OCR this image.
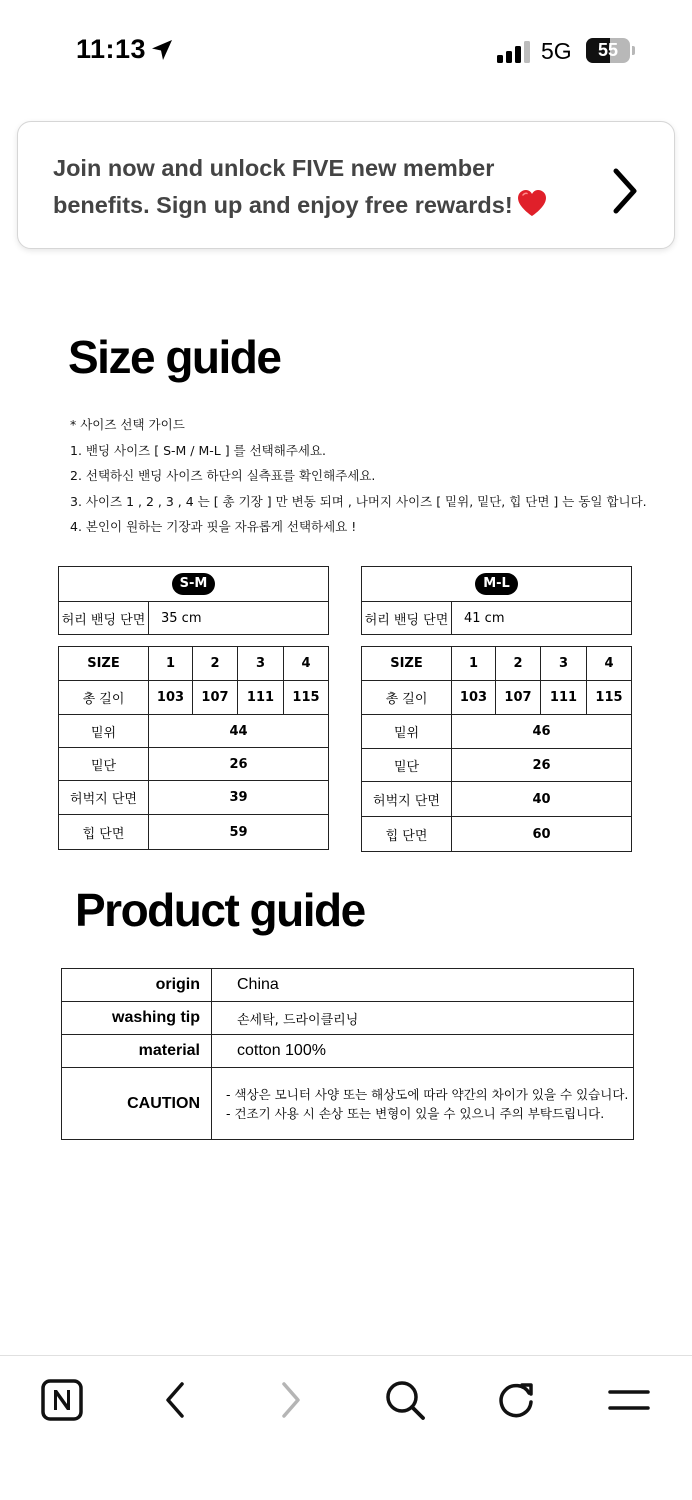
11:13	5G	55
Join now and unlock FIVE new member benefits. Sign up and enjoy free rewards!
Size guide
* 사이즈 선택 가이드
1. 밴딩 사이즈 [ S-M / M-L ] 를 선택해주세요.
2. 선택하신 밴딩 사이즈 하단의 실측표를 확인해주세요.
3. 사이즈 1 , 2 , 3 , 4 는 [ 총 기장 ] 만 변동 되며 , 나머지 사이즈 [ 밑위, 밑단, 힙 단면 ] 는 동일 합니다.
4. 본인이 원하는 기장과 핏을 자유롭게 선택하세요 !
S-M
허리 밴딩 단면	35 cm
M-L
허리 밴딩 단면	41 cm
SIZE	1	2	3	4
총 길이	103	107	111	115
밑위	44			
밑단	26			
허벅지 단면	39			
힙 단면	59			
SIZE	1	2	3	4
총 길이	103	107	111	115
밑위	46			
밑단	26			
허벅지 단면	40			
힙 단면	60			
Product guide
origin	China
washing tip	손세탁, 드라이클리닝
material	cotton 100%
CAUTION	- 색상은 모니터 사양 또는 해상도에 따라 약간의 차이가 있을 수 있습니다.
- 건조기 사용 시 손상 또는 변형이 있을 수 있으니 주의 부탁드립니다.
